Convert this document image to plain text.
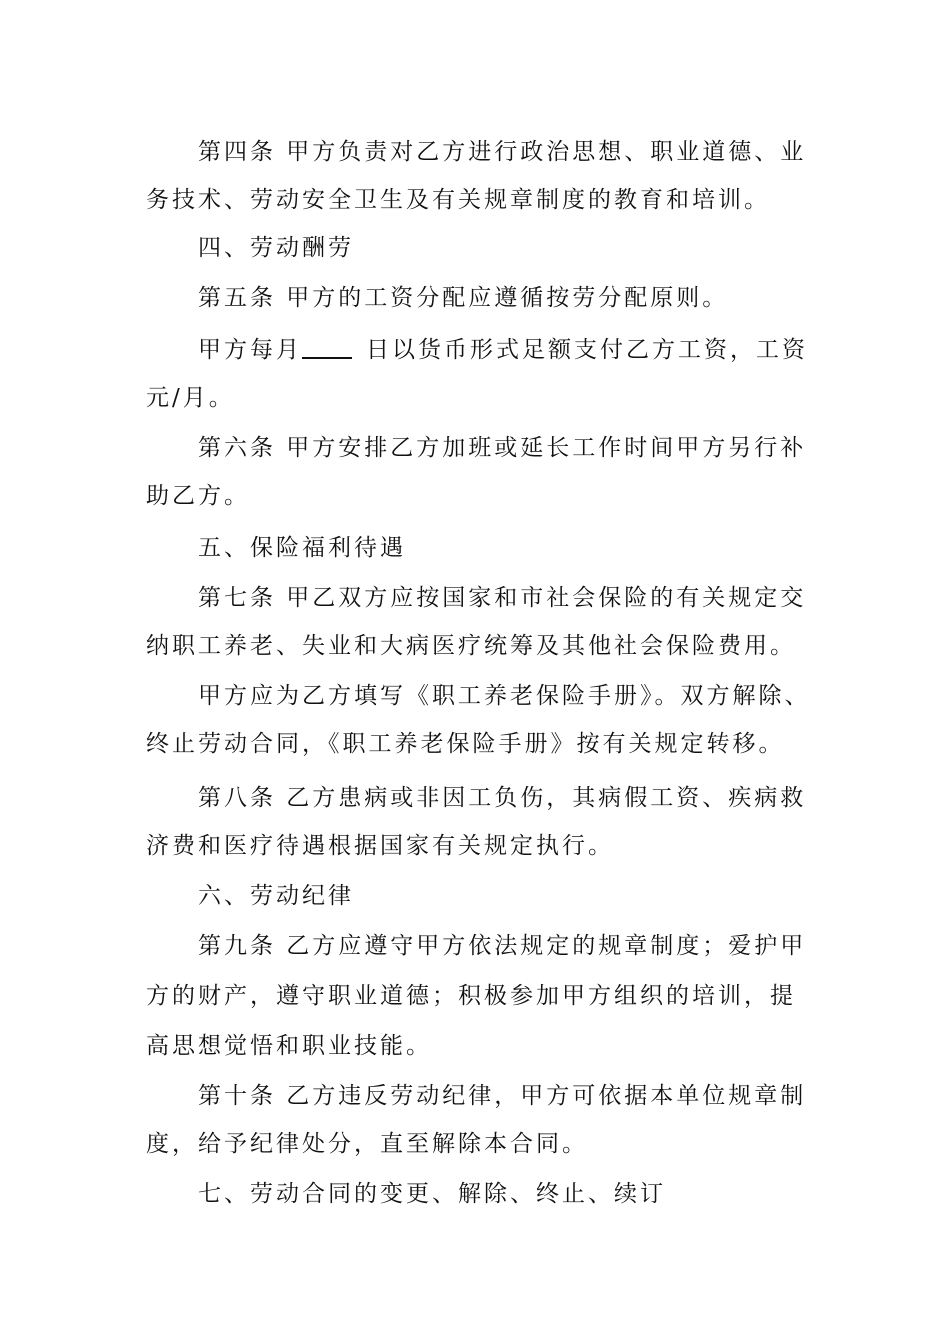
第四条 甲方负责对乙方进行政治思想、职业道德、业
务技术、劳动安全卫生及有关规章制度的教育和培训。
四、劳动酬劳
第五条 甲方的工资分配应遵循按劳分配原则。
甲方每月	日以货币形式足额支付乙方工资，工资
元/月。
第六条 甲方安排乙方加班或延长工作时间甲方另行补
助乙方。
五、保险福利待遇
第七条 甲乙双方应按国家和市社会保险的有关规定交
纳职工养老、失业和大病医疗统筹及其他社会保险费用。
甲方应为乙方填写《职工养老保险手册》。双方解除、
终止劳动合同，《职工养老保险手册》按有关规定转移。
第八条 乙方患病或非因工负伤，其病假工资、疾病救
济费和医疗待遇根据国家有关规定执行。
六、劳动纪律
第九条 乙方应遵守甲方依法规定的规章制度；爱护甲
方的财产，遵守职业道德；积极参加甲方组织的培训，提
高思想觉悟和职业技能。
第十条 乙方违反劳动纪律，甲方可依据本单位规章制
度，给予纪律处分，直至解除本合同。
七、劳动合同的变更、解除、终止、续订
